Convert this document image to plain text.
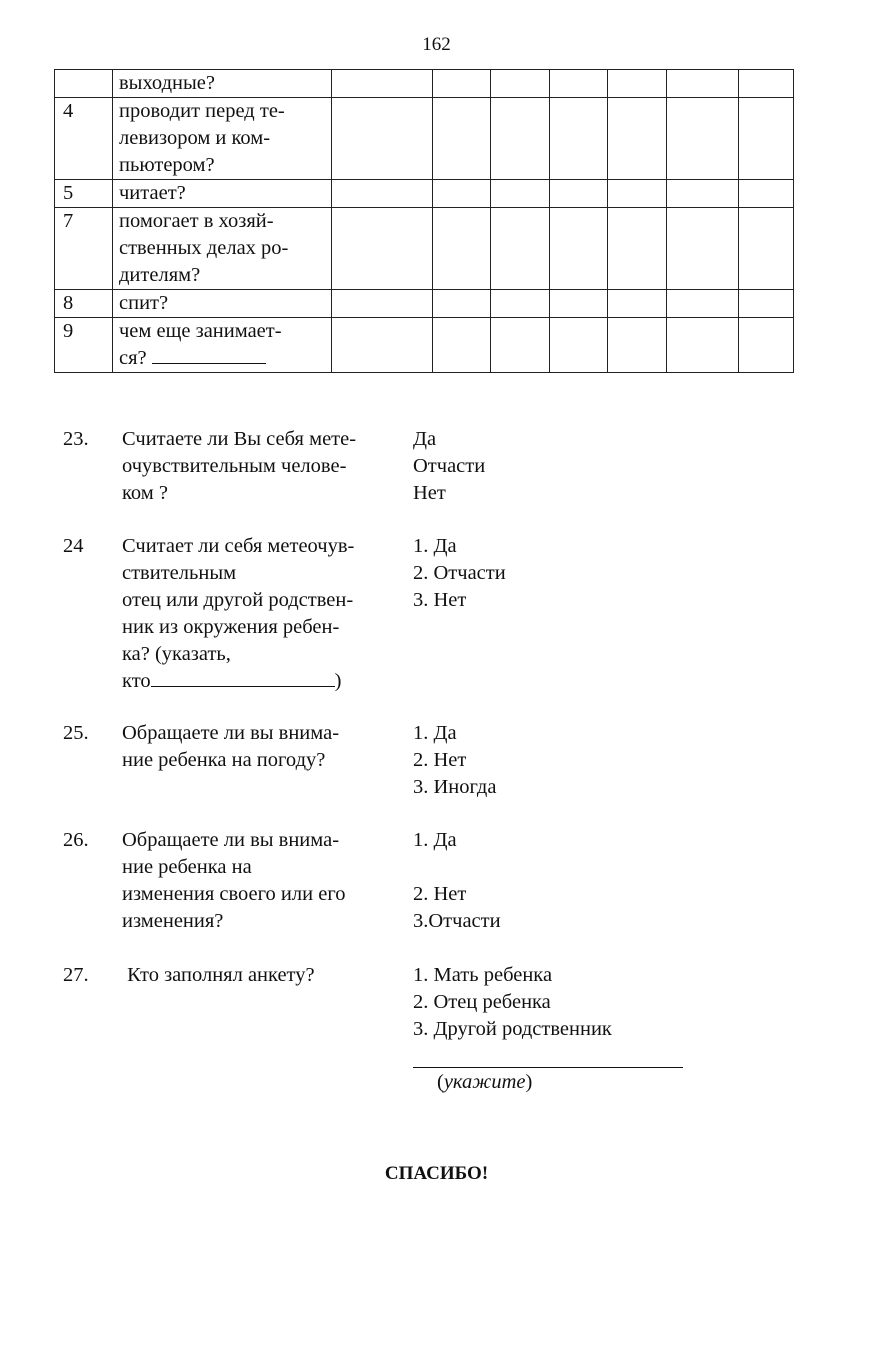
162

	выходные?							

4	проводит перед те-
левизором и ком-
пьютером?							

5	читает?							

7	помогает в хозяй-
ственных делах ро-
дителям?							

8	спит?							

9	чем еще занимает-
ся?							

23. Считаете ли Вы себя мете-
очувствительным челове-
ком ?
Да
Отчасти
Нет
24 Считает ли себя метеочув-
ствительным
отец или другой родствен-
ник из окружения ребен-
ка? (указать,
кто	)
1. Да
2. Отчасти
3. Нет
25. Обращаете ли вы внима-
ние ребенка на погоду?
1. Да
2. Нет
3. Иногда
26. Обращаете ли вы внима-
ние ребенка на
изменения своего или его
изменения?
1. Да
2. Нет
3.Отчасти
27. Кто заполнял анкету?	1. Мать ребенка
2. Отец ребенка
3. Другой родственник
(укажите)
СПАСИБО!
